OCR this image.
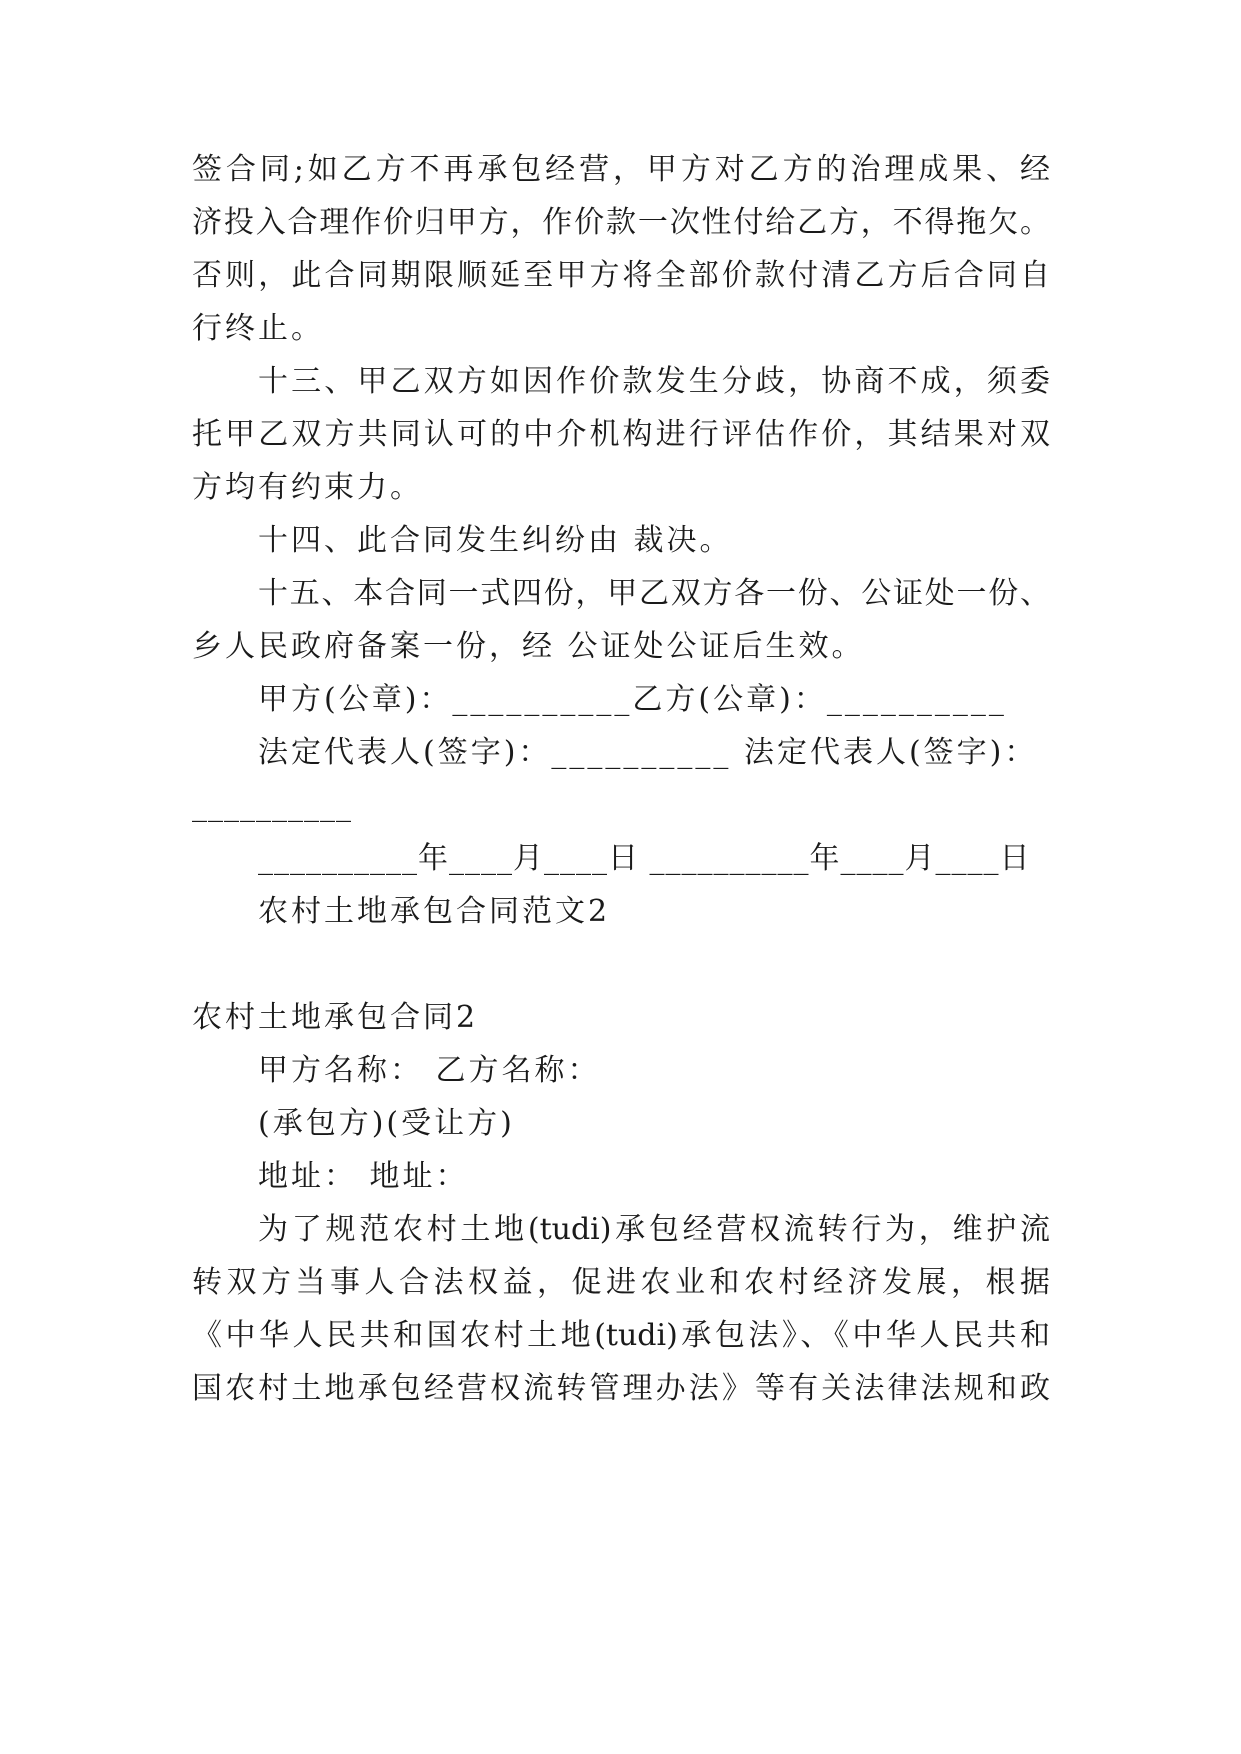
签合同;如乙方不再承包经营，甲方对乙方的治理成果、经
济投入合理作价归甲方，作价款一次性付给乙方，不得拖欠。
否则，此合同期限顺延至甲方将全部价款付清乙方后合同自
行终止。
十三、甲乙双方如因作价款发生分歧，协商不成，须委
托甲乙双方共同认可的中介机构进行评估作价，其结果对双
方均有约束力。
十四、此合同发生纠纷由 裁决。
十五、本合同一式四份，甲乙双方各一份、公证处一份、
乡人民政府备案一份，经 公证处公证后生效。
甲方(公章)：__________乙方(公章)：__________
法定代表人(签字)：__________ 法定代表人(签字)：
__________
__________年____月____日 __________年____月____日
农村土地承包合同范文2
农村土地承包合同2
甲方名称： 乙方名称：
(承包方)(受让方)
地址： 地址：
为了规范农村土地(tudi)承包经营权流转行为，维护流
转双方当事人合法权益，促进农业和农村经济发展，根据
《中华人民共和国农村土地(tudi)承包法》、《中华人民共和
国农村土地承包经营权流转管理办法》等有关法律法规和政
